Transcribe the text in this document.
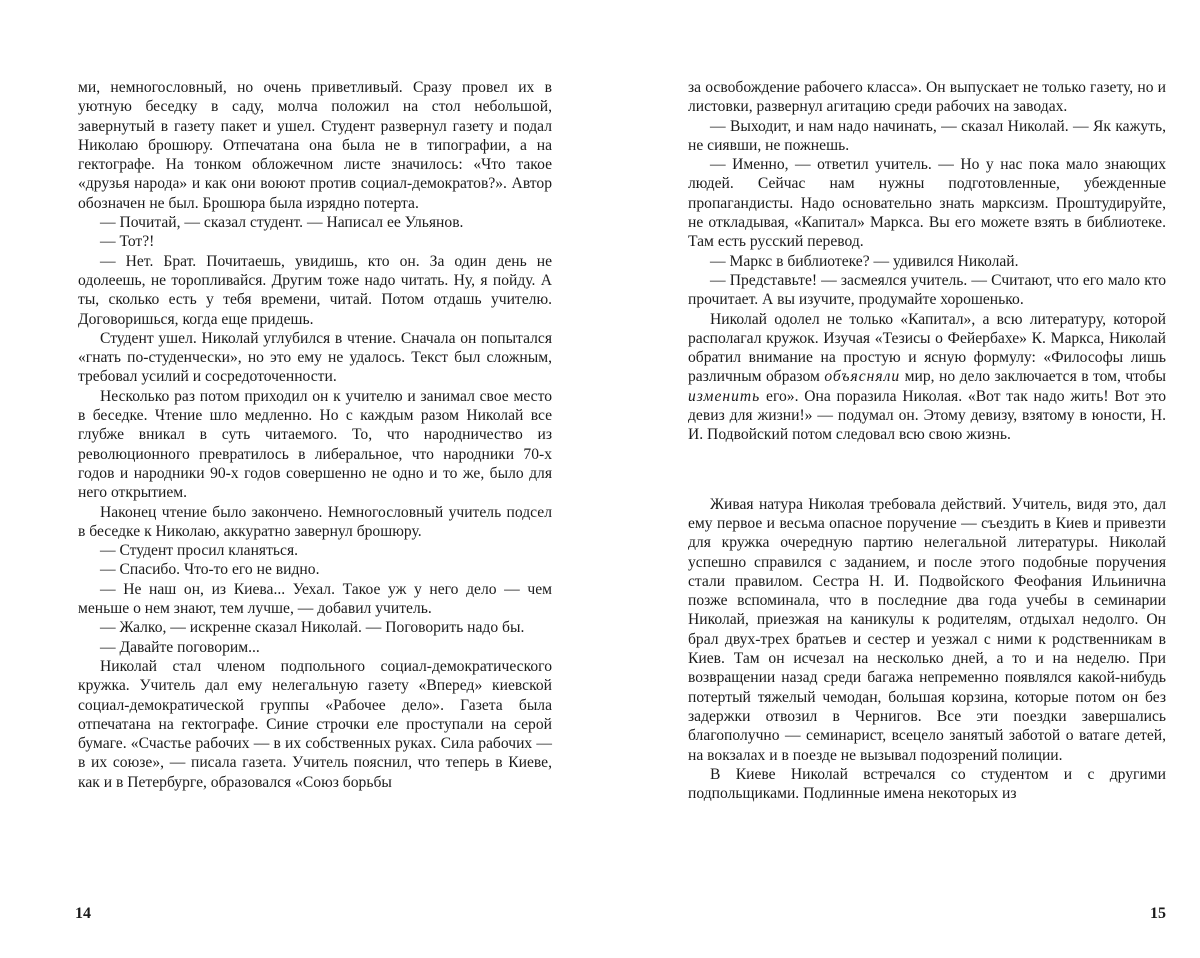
ми, немногословный, но очень приветливый. Сразу провел их в уютную беседку в саду, молча положил на стол небольшой, завернутый в газету пакет и ушел. Студент развернул газету и подал Николаю брошюру. Отпечатана она была не в типографии, а на гектографе. На тонком обложечном листе значилось: «Что такое «друзья народа» и как они воюют против социал-демократов?». Автор обозначен не был. Брошюра была изрядно потерта.

— Почитай, — сказал студент. — Написал ее Ульянов.

— Тот?!

— Нет. Брат. Почитаешь, увидишь, кто он. За один день не одолеешь, не торопливайся. Другим тоже надо читать. Ну, я пойду. А ты, сколько есть у тебя времени, читай. Потом отдашь учителю. Договоришься, когда еще придешь.

Студент ушел. Николай углубился в чтение. Сначала он попытался «гнать по-студенчески», но это ему не удалось. Текст был сложным, требовал усилий и сосредоточенности.

Несколько раз потом приходил он к учителю и занимал свое место в беседке. Чтение шло медленно. Но с каждым разом Николай все глубже вникал в суть читаемого. То, что народничество из революционного превратилось в либеральное, что народники 70-х годов и народники 90-х годов совершенно не одно и то же, было для него открытием.

Наконец чтение было закончено. Немногословный учитель подсел в беседке к Николаю, аккуратно завернул брошюру.

— Студент просил кланяться.

— Спасибо. Что-то его не видно.

— Не наш он, из Киева... Уехал. Такое уж у него дело — чем меньше о нем знают, тем лучше, — добавил учитель.

— Жалко, — искренне сказал Николай. — Поговорить надо бы.

— Давайте поговорим...

Николай стал членом подпольного социал-демократического кружка. Учитель дал ему нелегальную газету «Вперед» киевской социал-демократической группы «Рабочее дело». Газета была отпечатана на гектографе. Синие строчки еле проступали на серой бумаге. «Счастье рабочих — в их собственных руках. Сила рабочих — в их союзе», — писала газета. Учитель пояснил, что теперь в Киеве, как и в Петербурге, образовался «Союз борьбы

за освобождение рабочего класса». Он выпускает не только газету, но и листовки, развернул агитацию среди рабочих на заводах.

— Выходит, и нам надо начинать, — сказал Николай. — Як кажуть, не сиявши, не пожнешь.

— Именно, — ответил учитель. — Но у нас пока мало знающих людей. Сейчас нам нужны подготовленные, убежденные пропагандисты. Надо основательно знать марксизм. Проштудируйте, не откладывая, «Капитал» Маркса. Вы его можете взять в библиотеке. Там есть русский перевод.

— Маркс в библиотеке? — удивился Николай.

— Представьте! — засмеялся учитель. — Считают, что его мало кто прочитает. А вы изучите, продумайте хорошенько.

Николай одолел не только «Капитал», а всю литературу, которой располагал кружок. Изучая «Тезисы о Фейербахе» К. Маркса, Николай обратил внимание на простую и ясную формулу: «Философы лишь различным образом объясняли мир, но дело заключается в том, чтобы изменить его». Она поразила Николая. «Вот так надо жить! Вот это девиз для жизни!» — подумал он. Этому девизу, взятому в юности, Н. И. Подвойский потом следовал всю свою жизнь.

Живая натура Николая требовала действий. Учитель, видя это, дал ему первое и весьма опасное поручение — съездить в Киев и привезти для кружка очередную партию нелегальной литературы. Николай успешно справился с заданием, и после этого подобные поручения стали правилом. Сестра Н. И. Подвойского Феофания Ильинична позже вспоминала, что в последние два года учебы в семинарии Николай, приезжая на каникулы к родителям, отдыхал недолго. Он брал двух-трех братьев и сестер и уезжал с ними к родственникам в Киев. Там он исчезал на несколько дней, а то и на неделю. При возвращении назад среди багажа непременно появлялся какой-нибудь потертый тяжелый чемодан, большая корзина, которые потом он без задержки отвозил в Чернигов. Все эти поездки завершались благополучно — семинарист, всецело занятый заботой о ватаге детей, на вокзалах и в поезде не вызывал подозрений полиции.

В Киеве Николай встречался со студентом и с другими подпольщиками. Подлинные имена некоторых из

14	15
